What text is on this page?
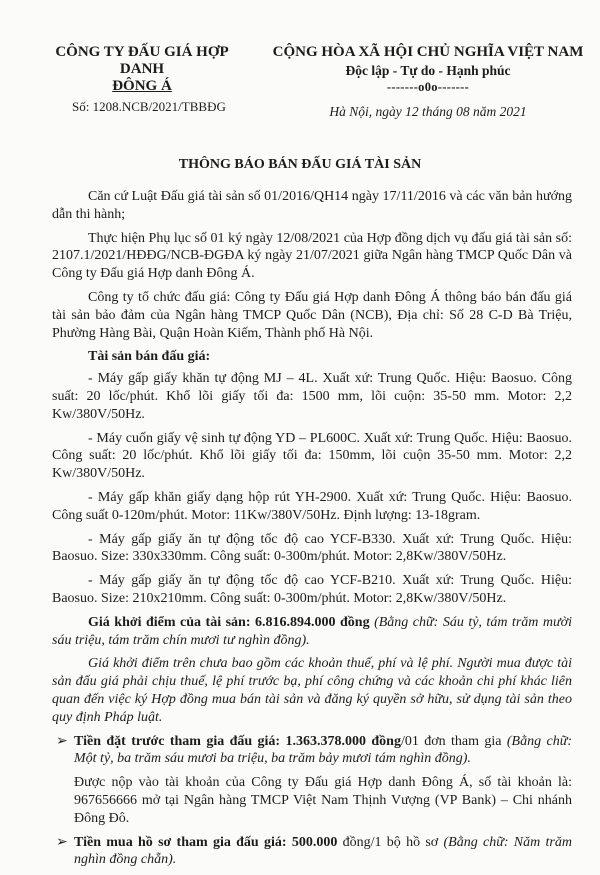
CÔNG TY ĐẤU GIÁ HỢP DANH
ĐÔNG Á
Số: 1208.NCB/2021/TBBĐG
CỘNG HÒA XÃ HỘI CHỦ NGHĨA VIỆT NAM
Độc lập - Tự do - Hạnh phúc
-------o0o-------
Hà Nội, ngày 12 tháng 08 năm 2021
THÔNG BÁO BÁN ĐẤU GIÁ TÀI SẢN

Căn cứ Luật Đấu giá tài sản số 01/2016/QH14 ngày 17/11/2016 và các văn bản hướng dẫn thi hành;

Thực hiện Phụ lục số 01 ký ngày 12/08/2021 của Hợp đồng dịch vụ đấu giá tài sản số: 2107.1/2021/HĐĐG/NCB-ĐGĐA ký ngày 21/07/2021 giữa Ngân hàng TMCP Quốc Dân và Công ty Đấu giá Hợp danh Đông Á.

Công ty tổ chức đấu giá: Công ty Đấu giá Hợp danh Đông Á thông báo bán đấu giá tài sản bảo đảm của Ngân hàng TMCP Quốc Dân (NCB), Địa chỉ: Số 28 C-D Bà Triệu, Phường Hàng Bài, Quận Hoàn Kiếm, Thành phố Hà Nội.

Tài sản bán đấu giá:

- Máy gấp giấy khăn tự động MJ – 4L. Xuất xứ: Trung Quốc. Hiệu: Baosuo. Công suất: 20 lốc/phút. Khổ lõi giấy tối đa: 1500 mm, lõi cuộn: 35-50 mm. Motor: 2,2 Kw/380V/50Hz.

- Máy cuốn giấy vệ sinh tự động YD – PL600C. Xuất xứ: Trung Quốc. Hiệu: Baosuo. Công suất: 20 lốc/phút. Khổ lõi giấy tối đa: 150mm, lõi cuộn 35-50 mm. Motor: 2,2 Kw/380V/50Hz.

- Máy gấp khăn giấy dạng hộp rút YH-2900. Xuất xứ: Trung Quốc. Hiệu: Baosuo. Công suất 0-120m/phút. Motor: 11Kw/380V/50Hz. Định lượng: 13-18gram.

- Máy gấp giấy ăn tự động tốc độ cao YCF-B330. Xuất xứ: Trung Quốc. Hiệu: Baosuo. Size: 330x330mm. Công suất: 0-300m/phút. Motor: 2,8Kw/380V/50Hz.

- Máy gấp giấy ăn tự động tốc độ cao YCF-B210. Xuất xứ: Trung Quốc. Hiệu: Baosuo. Size: 210x210mm. Công suất: 0-300m/phút. Motor: 2,8Kw/380V/50Hz.

Giá khởi điểm của tài sản: 6.816.894.000 đồng (Bằng chữ: Sáu tỷ, tám trăm mười sáu triệu, tám trăm chín mươi tư nghìn đồng).

Giá khởi điểm trên chưa bao gồm các khoản thuế, phí và lệ phí. Người mua được tài sản đấu giá phải chịu thuế, lệ phí trước bạ, phí công chứng và các khoản chi phí khác liên quan đến việc ký Hợp đồng mua bán tài sản và đăng ký quyền sở hữu, sử dụng tài sản theo quy định Pháp luật.

➢ Tiền đặt trước tham gia đấu giá: 1.363.378.000 đồng/01 đơn tham gia (Bằng chữ: Một tỷ, ba trăm sáu mươi ba triệu, ba trăm bảy mươi tám nghìn đồng).

Được nộp vào tài khoản của Công ty Đấu giá Hợp danh Đông Á, số tài khoản là: 967656666 mở tại Ngân hàng TMCP Việt Nam Thịnh Vượng (VP Bank) – Chi nhánh Đông Đô.

➢ Tiền mua hồ sơ tham gia đấu giá: 500.000 đồng/1 bộ hồ sơ (Bằng chữ: Năm trăm nghìn đồng chẵn).
